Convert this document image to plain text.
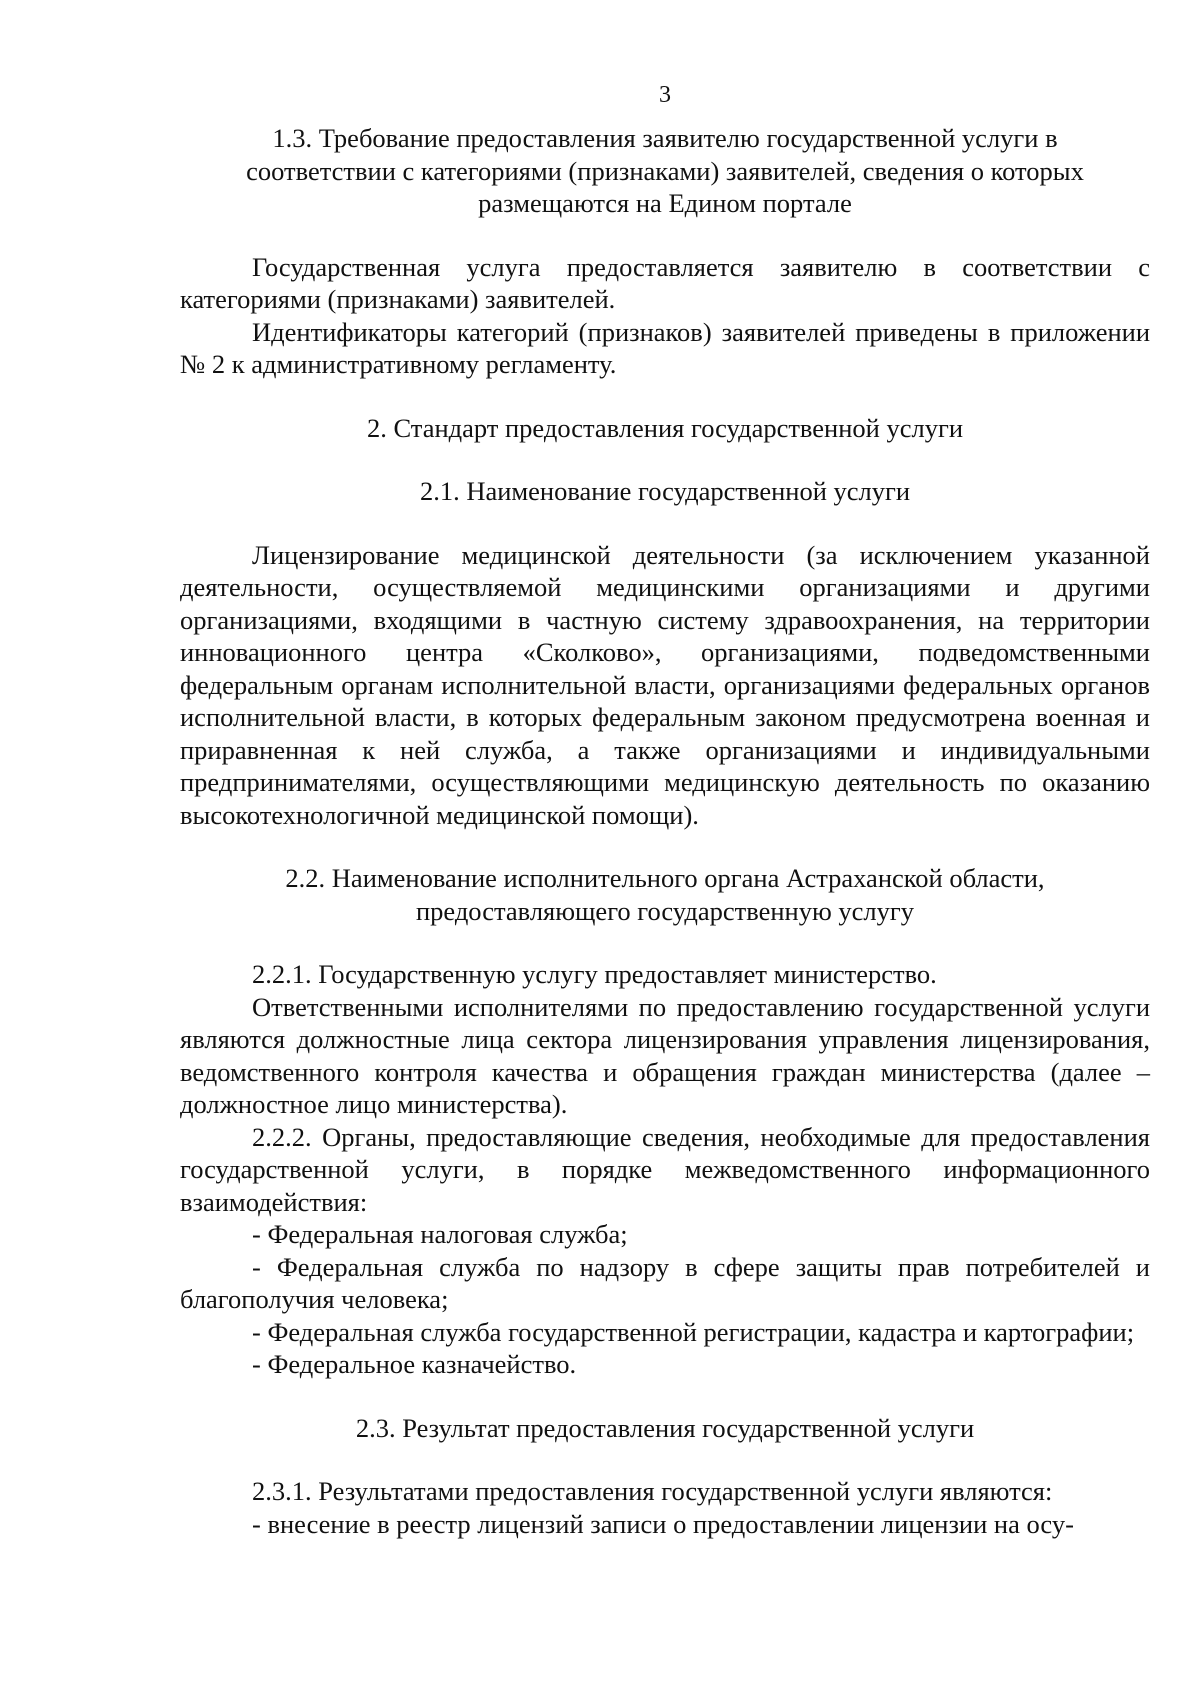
3

1.3. Требование предоставления заявителю государственной услуги в соответствии с категориями (признаками) заявителей, сведения о которых размещаются на Едином портале

Государственная услуга предоставляется заявителю в соответствии с категориями (признаками) заявителей.

Идентификаторы категорий (признаков) заявителей приведены в приложении № 2 к административному регламенту.

2. Стандарт предоставления государственной услуги

2.1. Наименование государственной услуги

Лицензирование медицинской деятельности (за исключением указанной деятельности, осуществляемой медицинскими организациями и другими организациями, входящими в частную систему здравоохранения, на территории инновационного центра «Сколково», организациями, подведомственными федеральным органам исполнительной власти, организациями федеральных органов исполнительной власти, в которых федеральным законом предусмотрена военная и приравненная к ней служба, а также организациями и индивидуальными предпринимателями, осуществляющими медицинскую деятельность по оказанию высокотехнологичной медицинской помощи).

2.2. Наименование исполнительного органа Астраханской области,

предоставляющего государственную услугу

2.2.1. Государственную услугу предоставляет министерство.

Ответственными исполнителями по предоставлению государственной услуги являются должностные лица сектора лицензирования управления лицензирования, ведомственного контроля качества и обращения граждан министерства (далее – должностное лицо министерства).

2.2.2. Органы, предоставляющие сведения, необходимые для предоставления государственной услуги, в порядке межведомственного информационного взаимодействия:

- Федеральная налоговая служба;

- Федеральная служба по надзору в сфере защиты прав потребителей и благополучия человека;

- Федеральная служба государственной регистрации, кадастра и картографии;

- Федеральное казначейство.

2.3. Результат предоставления государственной услуги

2.3.1. Результатами предоставления государственной услуги являются:

- внесение в реестр лицензий записи о предоставлении лицензии на осу-
